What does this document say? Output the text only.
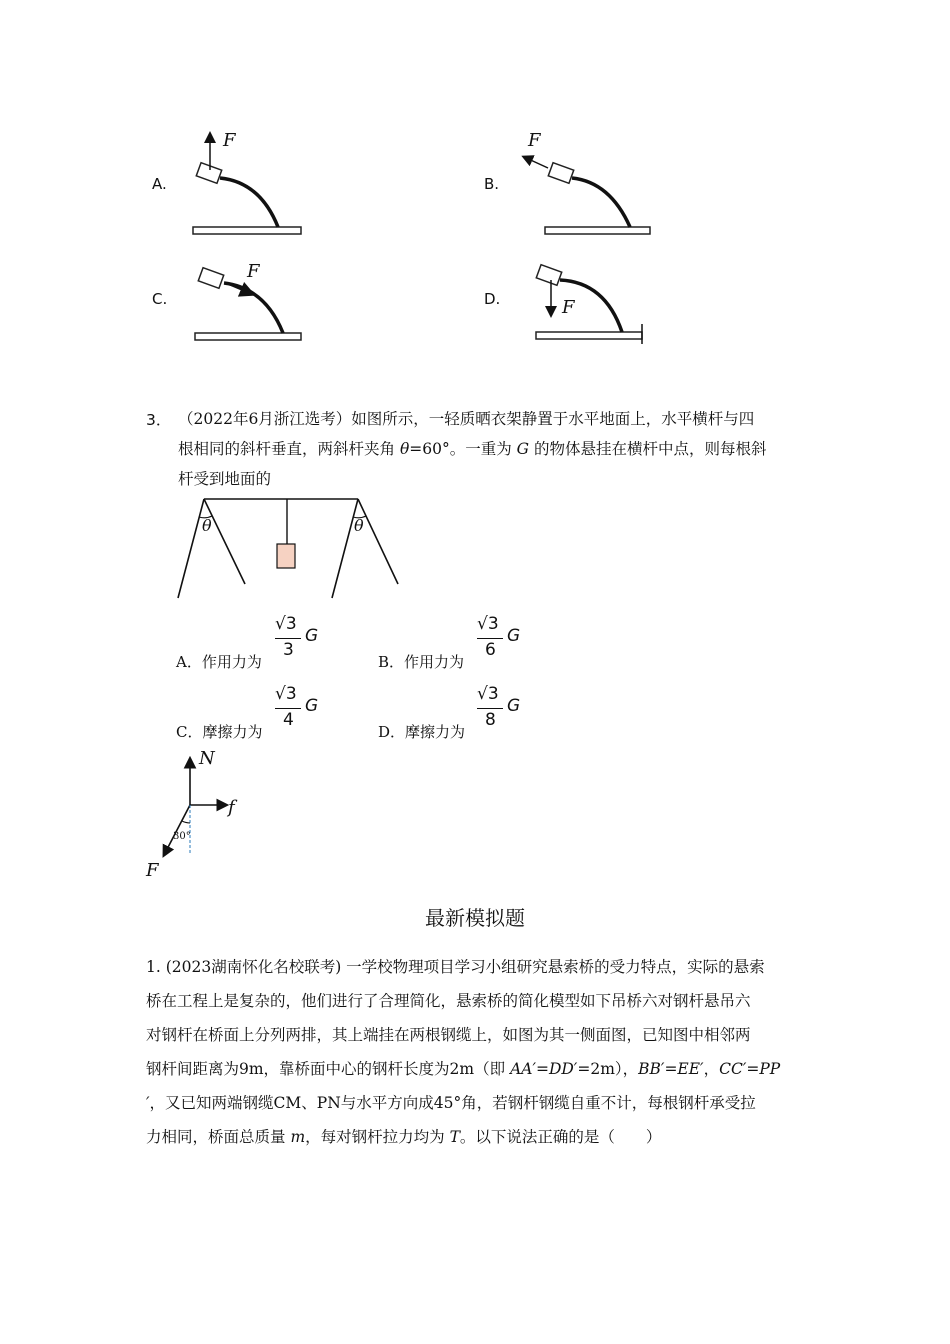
A.
F
B.
F
C.
F
D.	F
3． （2022年6月浙江选考）如图所示，一轻质晒衣架静置于水平地面上，水平横杆与四
根相同的斜杆垂直，两斜杆夹角 θ=60°。一重为 G 的物体悬挂在横杆中点，则每根斜
杆受到地面的
θ	θ
A．作用力为
√3
3
G
B．作用力为
√3
6
G
C．摩擦力为
√3
4
G
D．摩擦力为
√3
8
G
N
f
F
30°
最新模拟题
1. (2023湖南怀化名校联考) 一学校物理项目学习小组研究悬索桥的受力特点，实际的悬索
桥在工程上是复杂的，他们进行了合理简化，悬索桥的简化模型如下吊桥六对钢杆悬吊六
对钢杆在桥面上分列两排，其上端挂在两根钢缆上，如图为其一侧面图，已知图中相邻两
钢杆间距离为9m，靠桥面中心的钢杆长度为2m（即 AA′=DD′=2m），BB′=EE′，CC′=PP
′，又已知两端钢缆CM、PN与水平方向成45°角，若钢杆钢缆自重不计，每根钢杆承受拉
力相同，桥面总质量 m，每对钢杆拉力均为 T。以下说法正确的是（　　）
